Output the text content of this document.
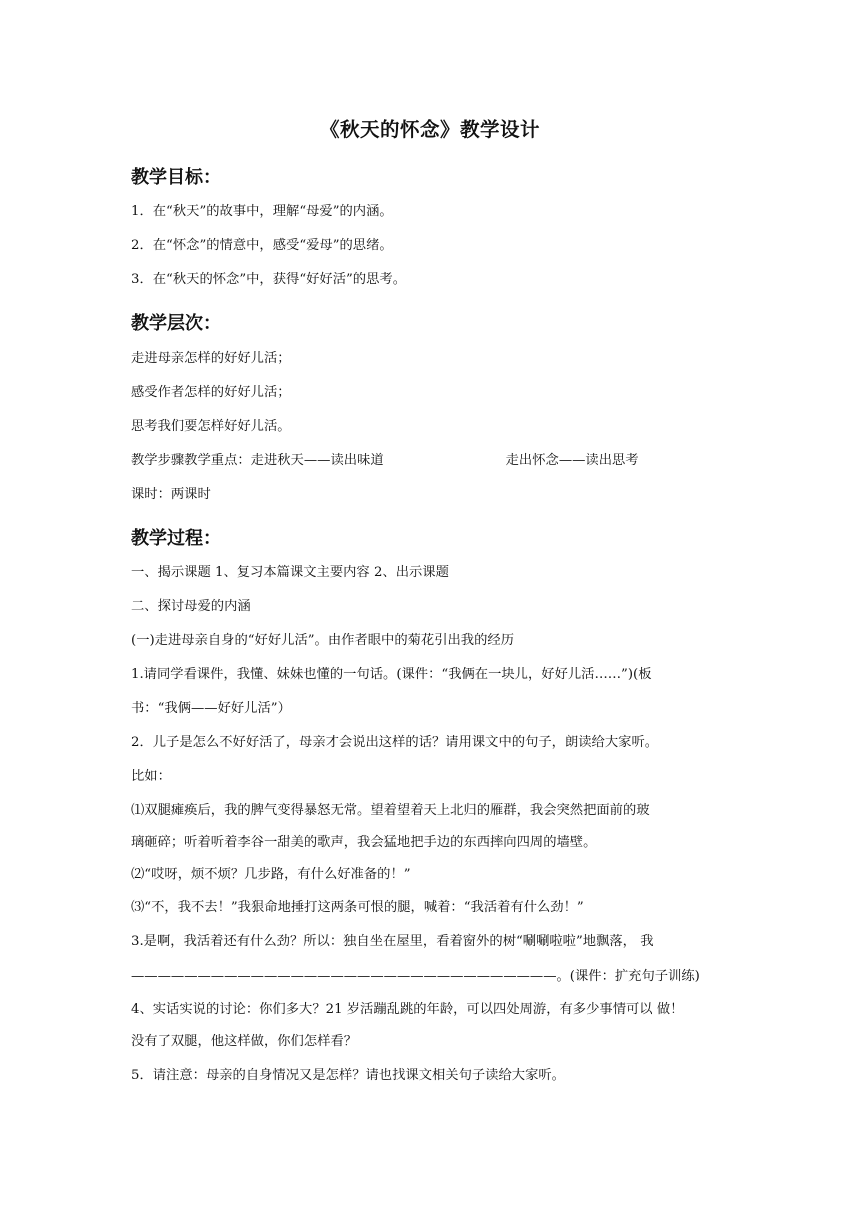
《秋天的怀念》教学设计
教学目标：
1．在“秋天”的故事中，理解“母爱”的内涵。
2．在“怀念”的情意中，感受“爱母”的思绪。
3．在“秋天的怀念”中，获得“好好活”的思考。
教学层次：
走进母亲怎样的好好儿活；
感受作者怎样的好好儿活；
思考我们要怎样好好儿活。
教学步骤教学重点：走进秋天——读出味道	走出怀念——读出思考
课时：两课时
教学过程：
一、揭示课题 1、复习本篇课文主要内容 2、出示课题
二、探讨母爱的内涵
(一)走进母亲自身的“好好儿活”。由作者眼中的菊花引出我的经历
1.请同学看课件，我懂、妹妹也懂的一句话。(课件：“我俩在一块儿，好好儿活……”)(板
书：“我俩——好好儿活”）
2．儿子是怎么不好好活了，母亲才会说出这样的话？请用课文中的句子，朗读给大家听。
比如：
⑴双腿瘫痪后，我的脾气变得暴怒无常。望着望着天上北归的雁群，我会突然把面前的玻
璃砸碎；听着听着李谷一甜美的歌声，我会猛地把手边的东西摔向四周的墙壁。
⑵“哎呀，烦不烦？几步路，有什么好准备的！”
⑶“不，我不去！”我狠命地捶打这两条可恨的腿，喊着：“我活着有什么劲！”
3.是啊，我活着还有什么劲？所以：独自坐在屋里，看着窗外的树“唰唰啦啦”地飘落， 我
————————————————————————————————。(课件：扩充句子训练)
4、实话实说的讨论：你们多大？21 岁活蹦乱跳的年龄，可以四处周游，有多少事情可以 做！
没有了双腿，他这样做，你们怎样看？
5．请注意：母亲的自身情况又是怎样？请也找课文相关句子读给大家听。
